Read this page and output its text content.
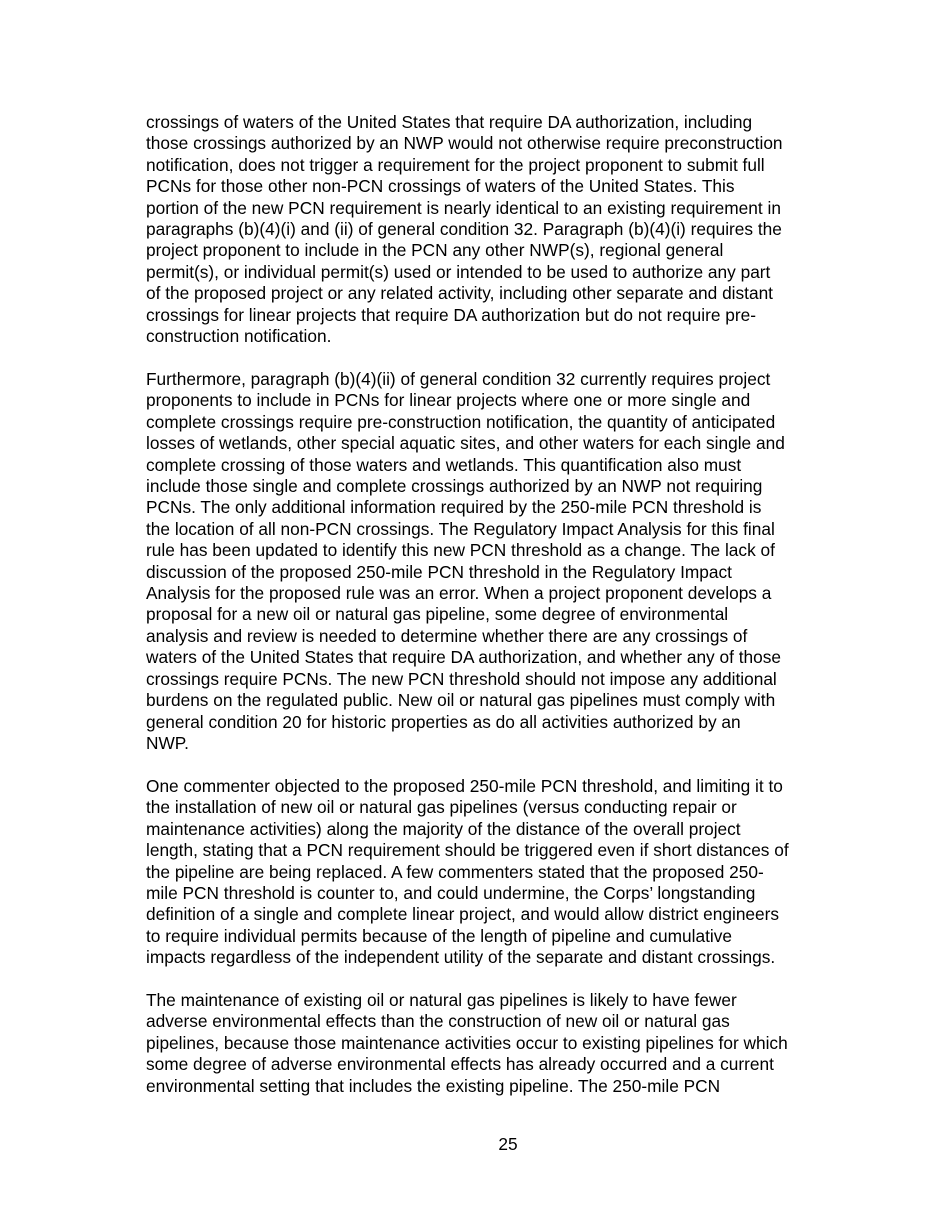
crossings of waters of the United States that require DA authorization, including
those crossings authorized by an NWP would not otherwise require preconstruction
notification, does not trigger a requirement for the project proponent to submit full
PCNs for those other non-PCN crossings of waters of the United States. This
portion of the new PCN requirement is nearly identical to an existing requirement in
paragraphs (b)(4)(i) and (ii) of general condition 32. Paragraph (b)(4)(i) requires the
project proponent to include in the PCN any other NWP(s), regional general
permit(s), or individual permit(s) used or intended to be used to authorize any part
of the proposed project or any related activity, including other separate and distant
crossings for linear projects that require DA authorization but do not require pre-
construction notification.
Furthermore, paragraph (b)(4)(ii) of general condition 32 currently requires project
proponents to include in PCNs for linear projects where one or more single and
complete crossings require pre-construction notification, the quantity of anticipated
losses of wetlands, other special aquatic sites, and other waters for each single and
complete crossing of those waters and wetlands. This quantification also must
include those single and complete crossings authorized by an NWP not requiring
PCNs. The only additional information required by the 250-mile PCN threshold is
the location of all non-PCN crossings. The Regulatory Impact Analysis for this final
rule has been updated to identify this new PCN threshold as a change. The lack of
discussion of the proposed 250-mile PCN threshold in the Regulatory Impact
Analysis for the proposed rule was an error. When a project proponent develops a
proposal for a new oil or natural gas pipeline, some degree of environmental
analysis and review is needed to determine whether there are any crossings of
waters of the United States that require DA authorization, and whether any of those
crossings require PCNs. The new PCN threshold should not impose any additional
burdens on the regulated public. New oil or natural gas pipelines must comply with
general condition 20 for historic properties as do all activities authorized by an
NWP.
One commenter objected to the proposed 250-mile PCN threshold, and limiting it to
the installation of new oil or natural gas pipelines (versus conducting repair or
maintenance activities) along the majority of the distance of the overall project
length, stating that a PCN requirement should be triggered even if short distances of
the pipeline are being replaced. A few commenters stated that the proposed 250-
mile PCN threshold is counter to, and could undermine, the Corps’ longstanding
definition of a single and complete linear project, and would allow district engineers
to require individual permits because of the length of pipeline and cumulative
impacts regardless of the independent utility of the separate and distant crossings.
The maintenance of existing oil or natural gas pipelines is likely to have fewer
adverse environmental effects than the construction of new oil or natural gas
pipelines, because those maintenance activities occur to existing pipelines for which
some degree of adverse environmental effects has already occurred and a current
environmental setting that includes the existing pipeline. The 250-mile PCN
25
